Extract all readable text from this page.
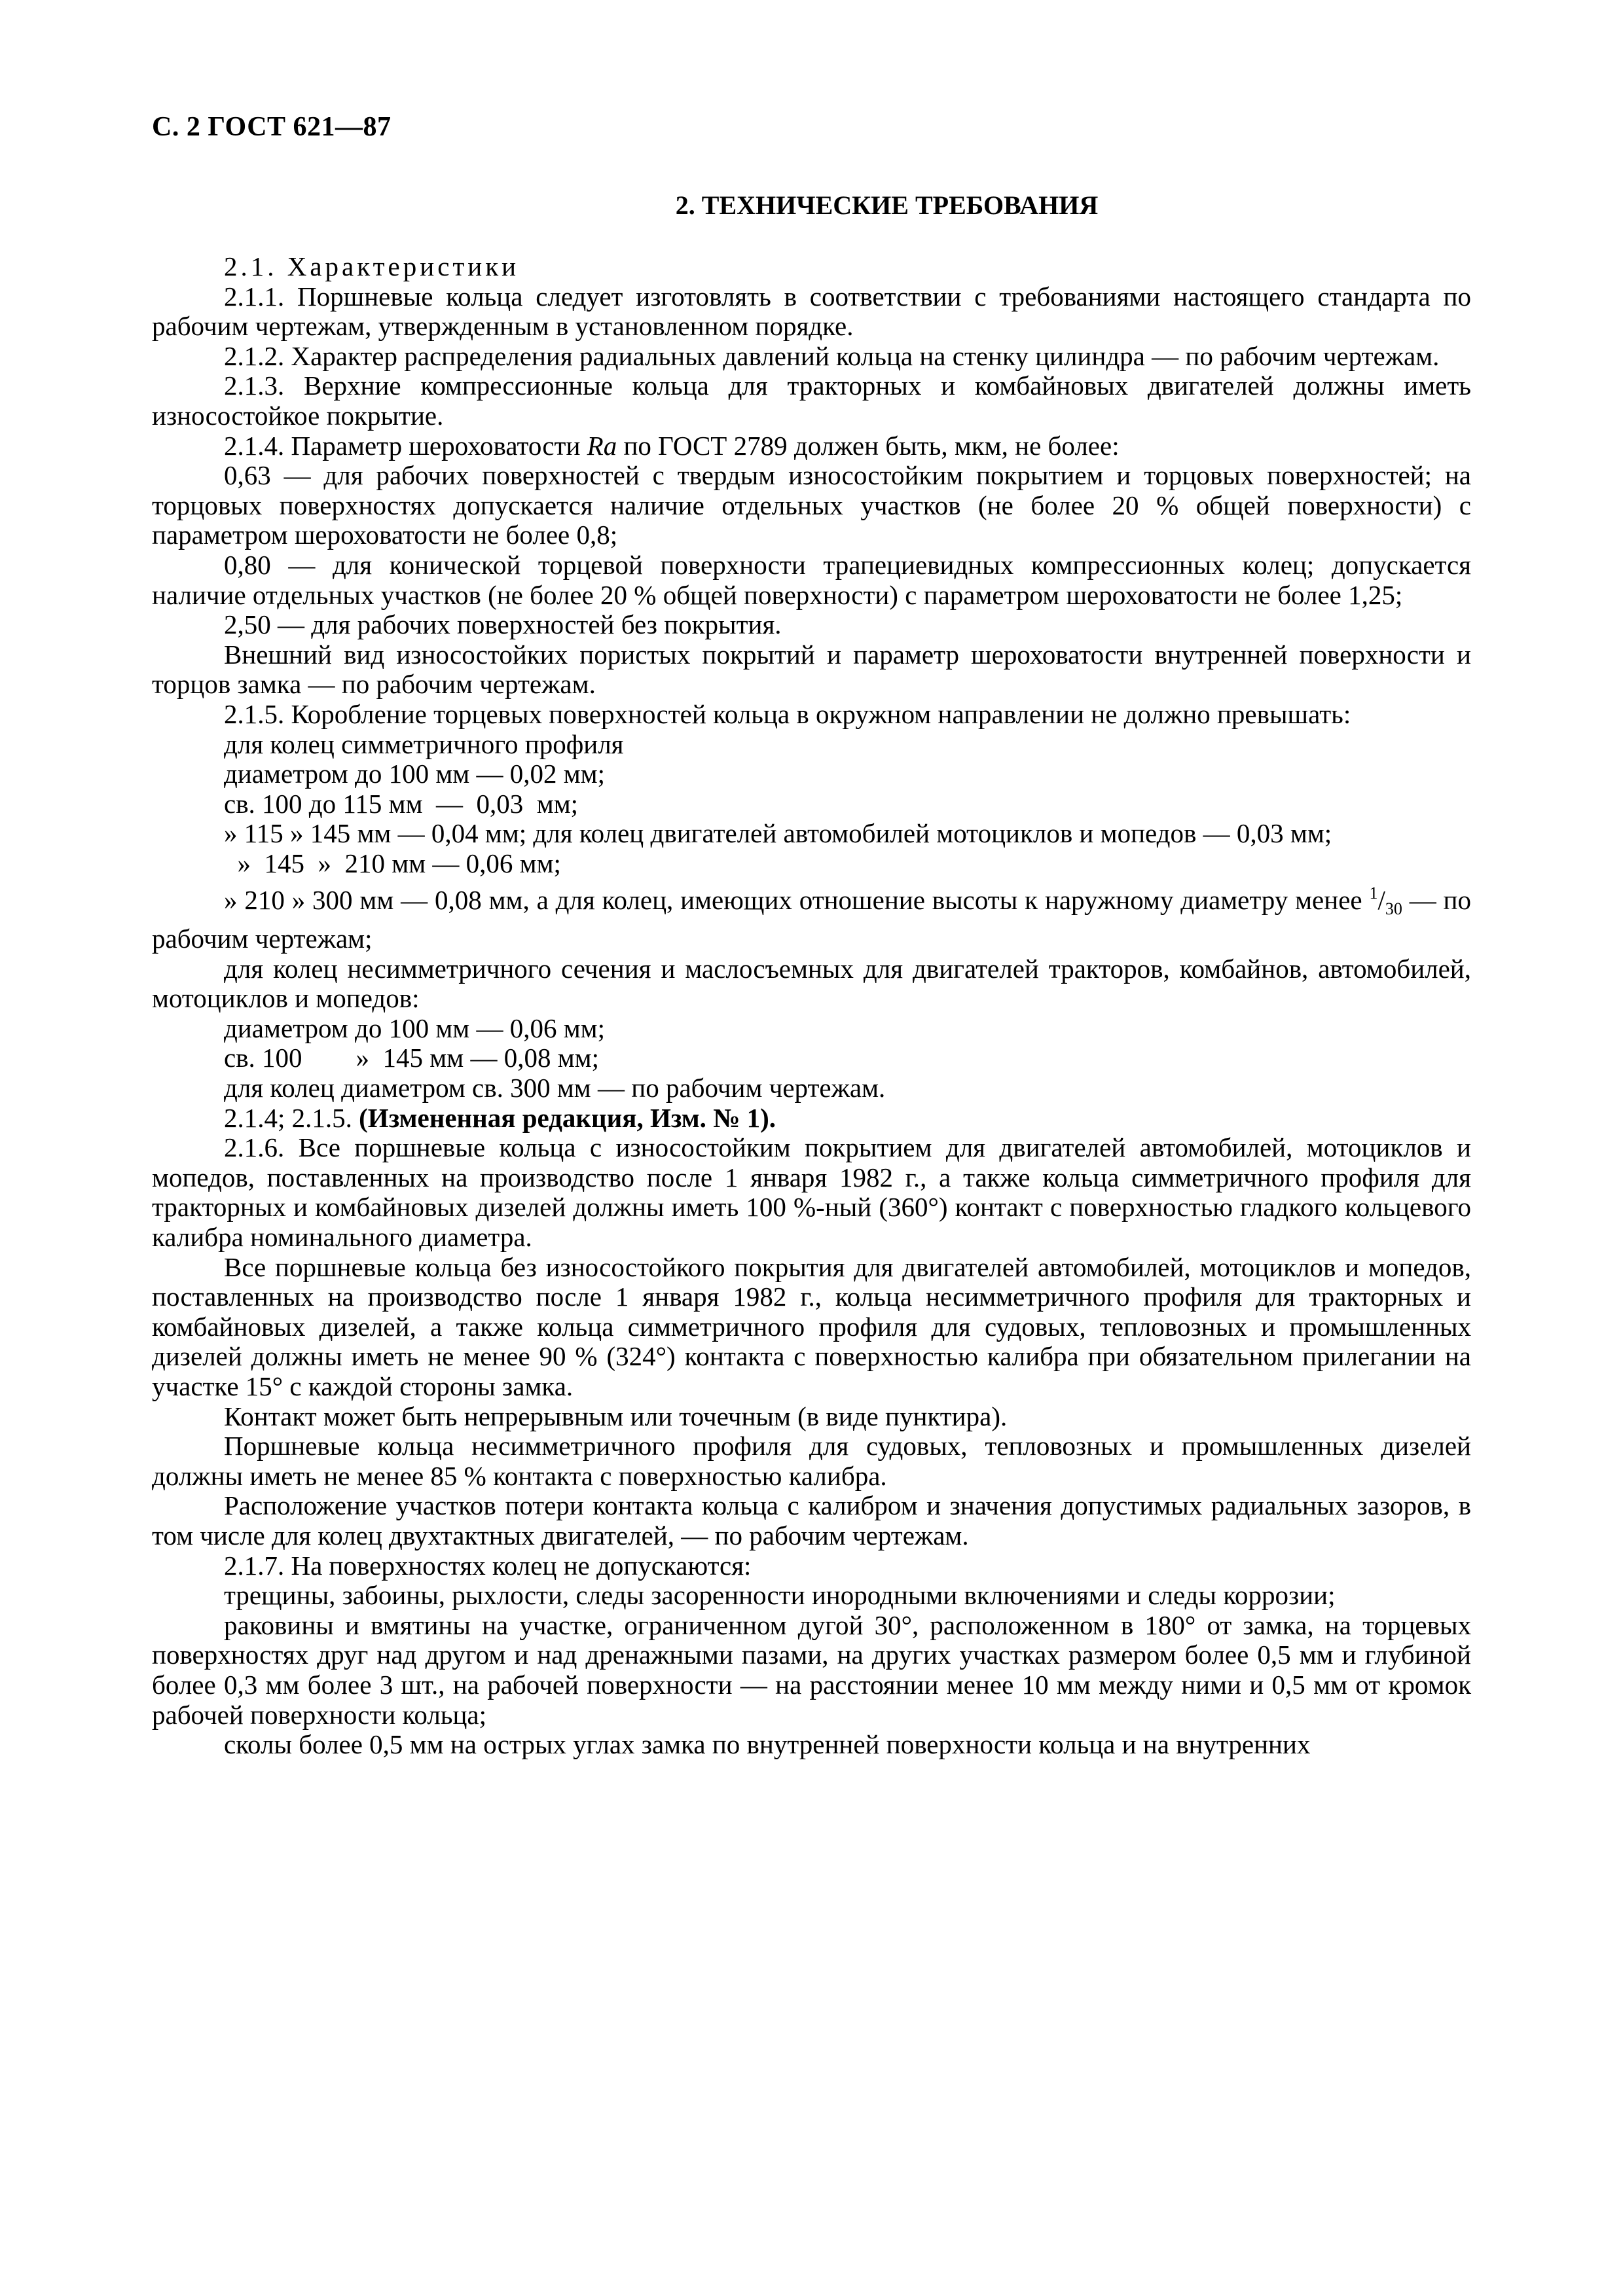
С. 2 ГОСТ 621—87
2. ТЕХНИЧЕСКИЕ ТРЕБОВАНИЯ

2.1. Характеристики

2.1.1. Поршневые кольца следует изготовлять в соответствии с требованиями настоящего стандарта по рабочим чертежам, утвержденным в установленном порядке.

2.1.2. Характер распределения радиальных давлений кольца на стенку цилиндра — по рабочим чертежам.

2.1.3. Верхние компрессионные кольца для тракторных и комбайновых двигателей должны иметь износостойкое покрытие.

2.1.4. Параметр шероховатости Ra по ГОСТ 2789 должен быть, мкм, не более:

0,63 — для рабочих поверхностей с твердым износостойким покрытием и торцовых поверхностей; на торцовых поверхностях допускается наличие отдельных участков (не более 20 % общей поверхности) с параметром шероховатости не более 0,8;

0,80 — для конической торцевой поверхности трапециевидных компрессионных колец; допускается наличие отдельных участков (не более 20 % общей поверхности) с параметром шероховатости не более 1,25;

2,50 — для рабочих поверхностей без покрытия.

Внешний вид износостойких пористых покрытий и параметр шероховатости внутренней поверхности и торцов замка — по рабочим чертежам.

2.1.5. Коробление торцевых поверхностей кольца в окружном направлении не должно превышать:

для колец симметричного профиля

диаметром до 100 мм — 0,02 мм;

св. 100 до 115 мм  —  0,03  мм;

» 115 » 145 мм — 0,04 мм; для колец двигателей автомобилей мотоциклов и мопедов — 0,03 мм;

»  145  »  210 мм — 0,06 мм;

» 210 » 300 мм — 0,08 мм, а для колец, имеющих отношение высоты к наружному диаметру менее $^1$/30 — по рабочим чертежам;

для колец несимметричного сечения и маслосъемных для двигателей тракторов, комбайнов, автомобилей, мотоциклов и мопедов:

диаметром до 100 мм — 0,06 мм;

св. 100        »  145 мм — 0,08 мм;

для колец диаметром св. 300 мм — по рабочим чертежам.

2.1.4; 2.1.5. (Измененная редакция, Изм. № 1).

2.1.6. Все поршневые кольца с износостойким покрытием для двигателей автомобилей, мотоциклов и мопедов, поставленных на производство после 1 января 1982 г., а также кольца симметричного профиля для тракторных и комбайновых дизелей должны иметь 100 %-ный (360°) контакт с поверхностью гладкого кольцевого калибра номинального диаметра.

Все поршневые кольца без износостойкого покрытия для двигателей автомобилей, мотоциклов и мопедов, поставленных на производство после 1 января 1982 г., кольца несимметричного профиля для тракторных и комбайновых дизелей, а также кольца симметричного профиля для судовых, тепловозных и промышленных дизелей должны иметь не менее 90 % (324°) контакта с поверхностью калибра при обязательном прилегании на участке 15° с каждой стороны замка.

Контакт может быть непрерывным или точечным (в виде пунктира).

Поршневые кольца несимметричного профиля для судовых, тепловозных и промышленных дизелей должны иметь не менее 85 % контакта с поверхностью калибра.

Расположение участков потери контакта кольца с калибром и значения допустимых радиальных зазоров, в том числе для колец двухтактных двигателей, — по рабочим чертежам.

2.1.7. На поверхностях колец не допускаются:

трещины, забоины, рыхлости, следы засоренности инородными включениями и следы коррозии;

раковины и вмятины на участке, ограниченном дугой 30°, расположенном в 180° от замка, на торцевых поверхностях друг над другом и над дренажными пазами, на других участках размером более 0,5 мм и глубиной более 0,3 мм более 3 шт., на рабочей поверхности — на расстоянии менее 10 мм между ними и 0,5 мм от кромок рабочей поверхности кольца;

сколы более 0,5 мм на острых углах замка по внутренней поверхности кольца и на внутренних
